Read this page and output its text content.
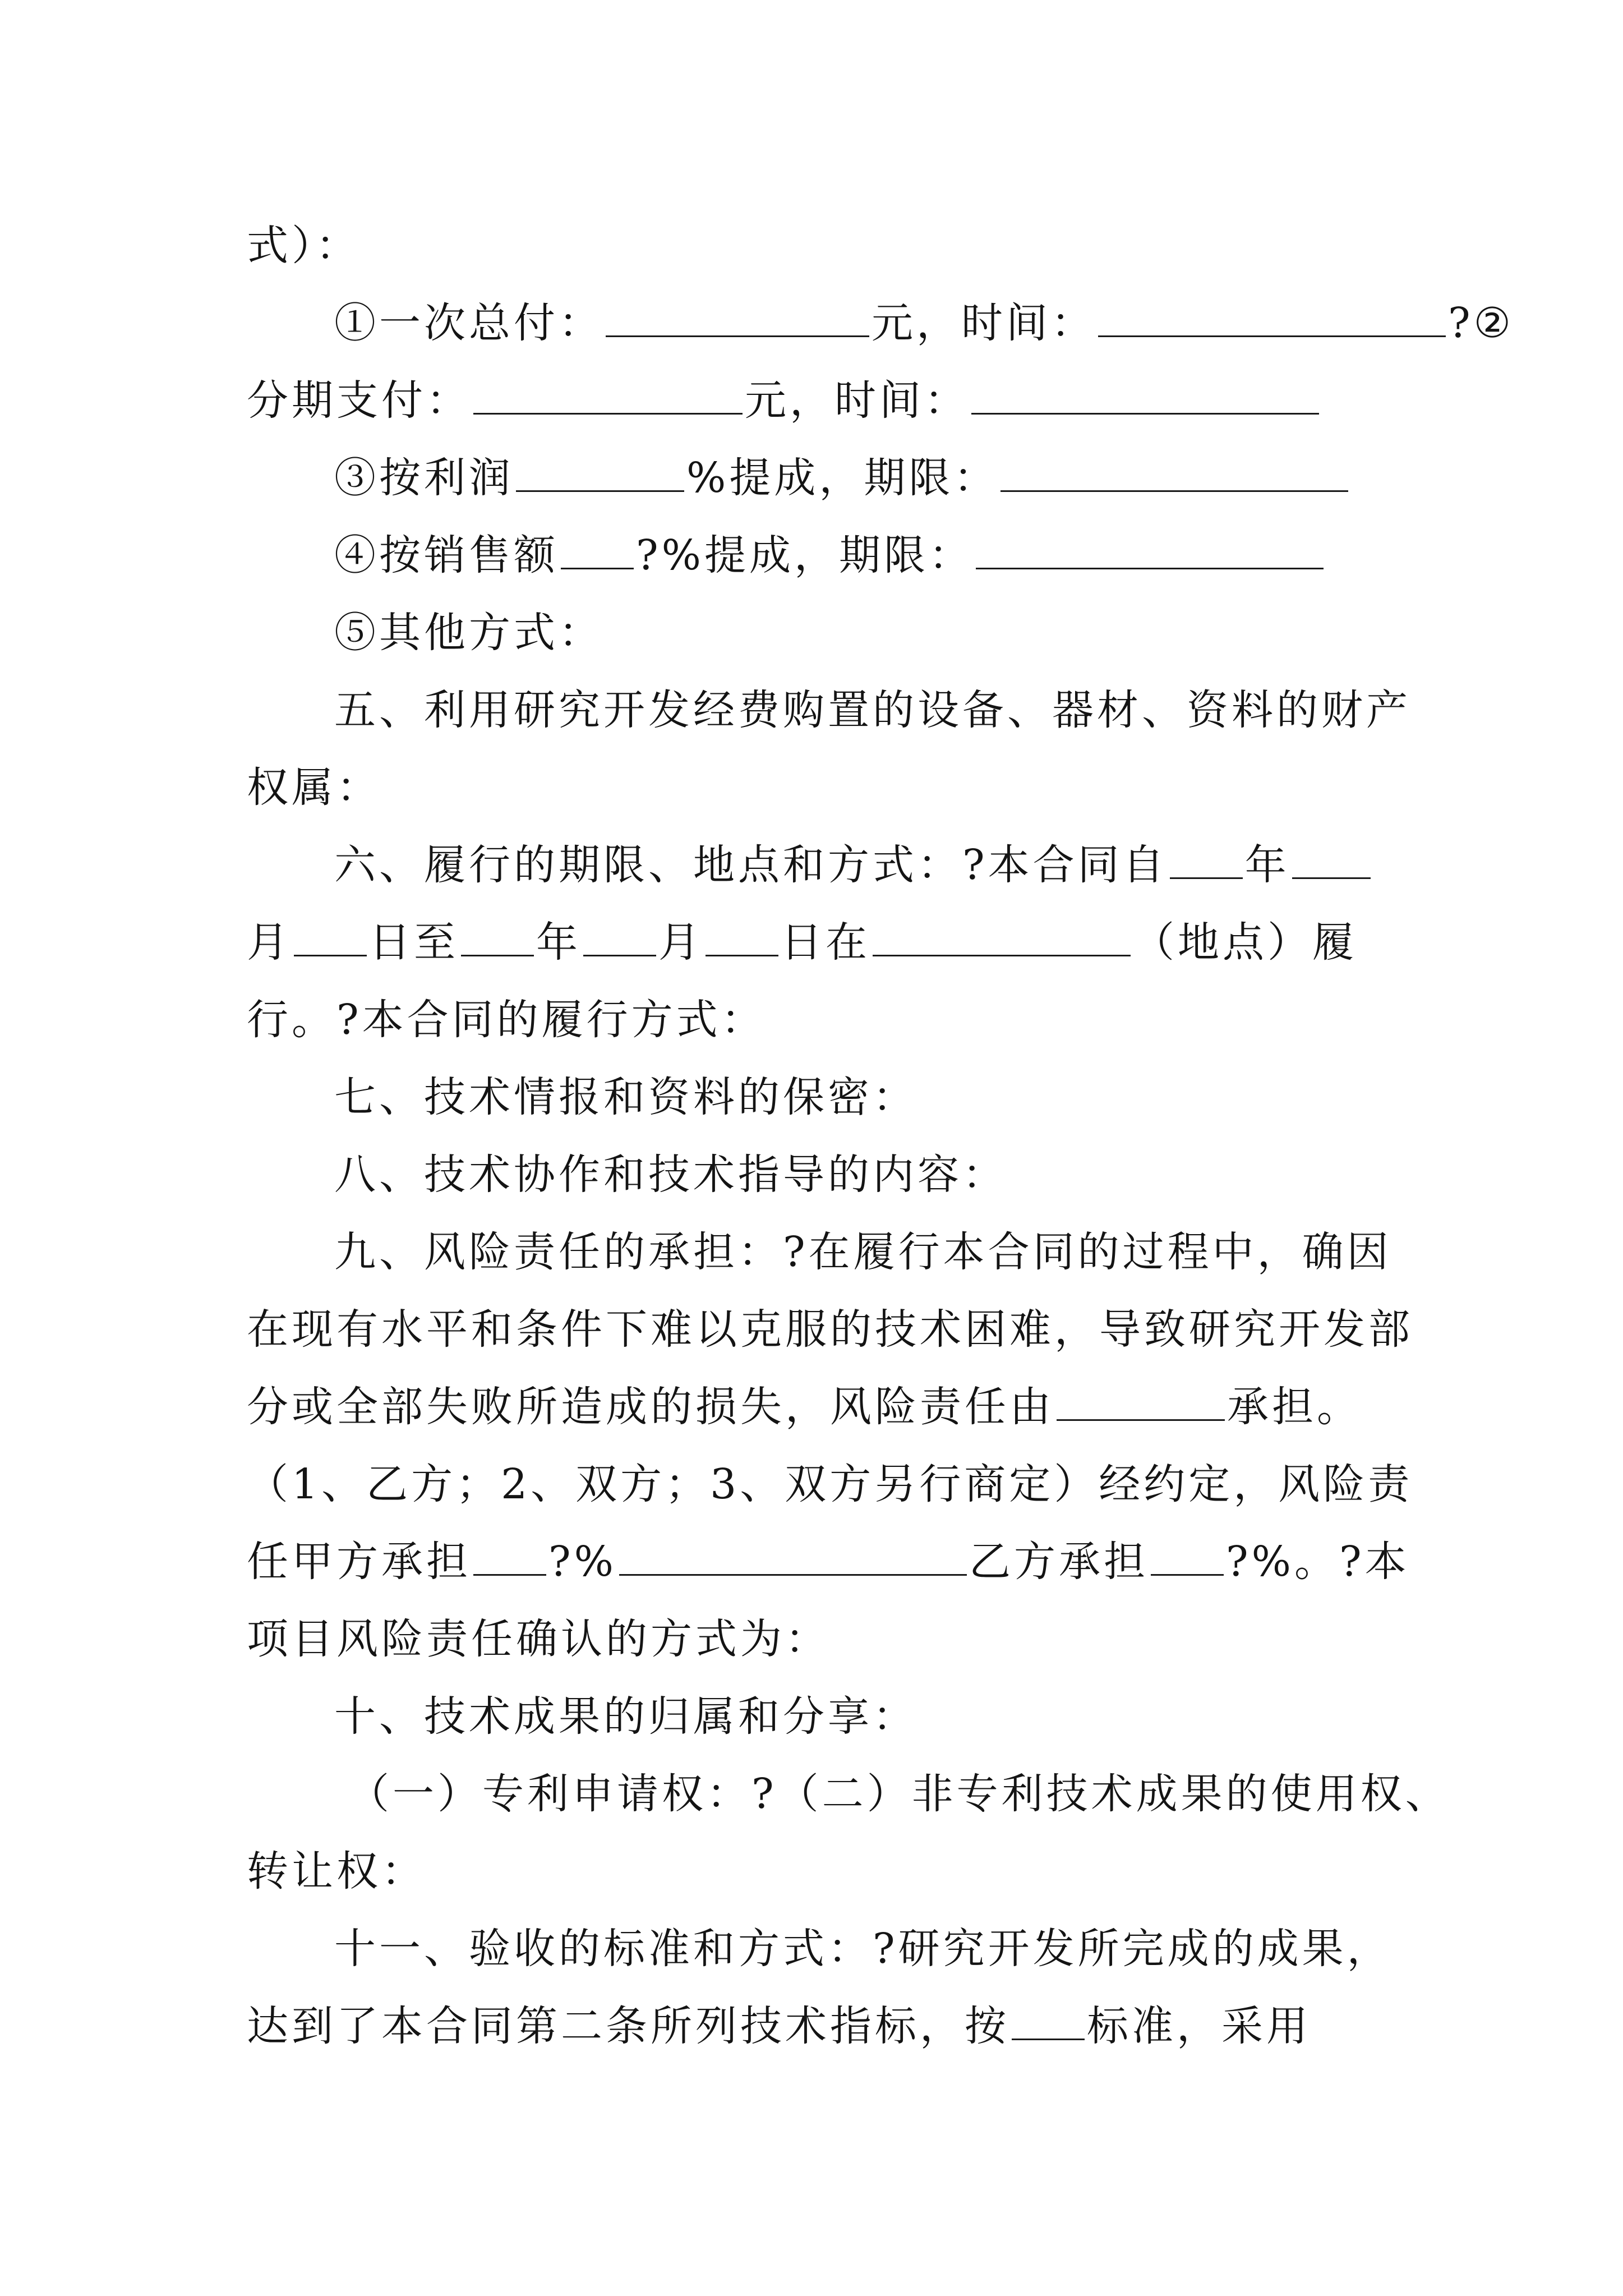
式）：
①一次总付：	元，时间：	?②
分期支付：	元，时间：
③按利润	%提成，期限：
④按销售额 ?%提成，期限：
⑤其他方式：
五、利用研究开发经费购置的设备、器材、资料的财产
权属：
六、履行的期限、地点和方式：?本合同自 年
月 日至 年 月 日在	（地点）履
行。?本合同的履行方式：
七、技术情报和资料的保密：
八、技术协作和技术指导的内容：
九、风险责任的承担：?在履行本合同的过程中，确因
在现有水平和条件下难以克服的技术困难，导致研究开发部
分或全部失败所造成的损失，风险责任由	承担。
（1、乙方；2、双方；3、双方另行商定）经约定，风险责
任甲方承担 ?%	乙方承担 ?%。?本
项目风险责任确认的方式为：
十、技术成果的归属和分享：
（一）专利申请权：?（二）非专利技术成果的使用权、
转让权：
十一、验收的标准和方式：?研究开发所完成的成果，
达到了本合同第二条所列技术指标，按 标准，采用
